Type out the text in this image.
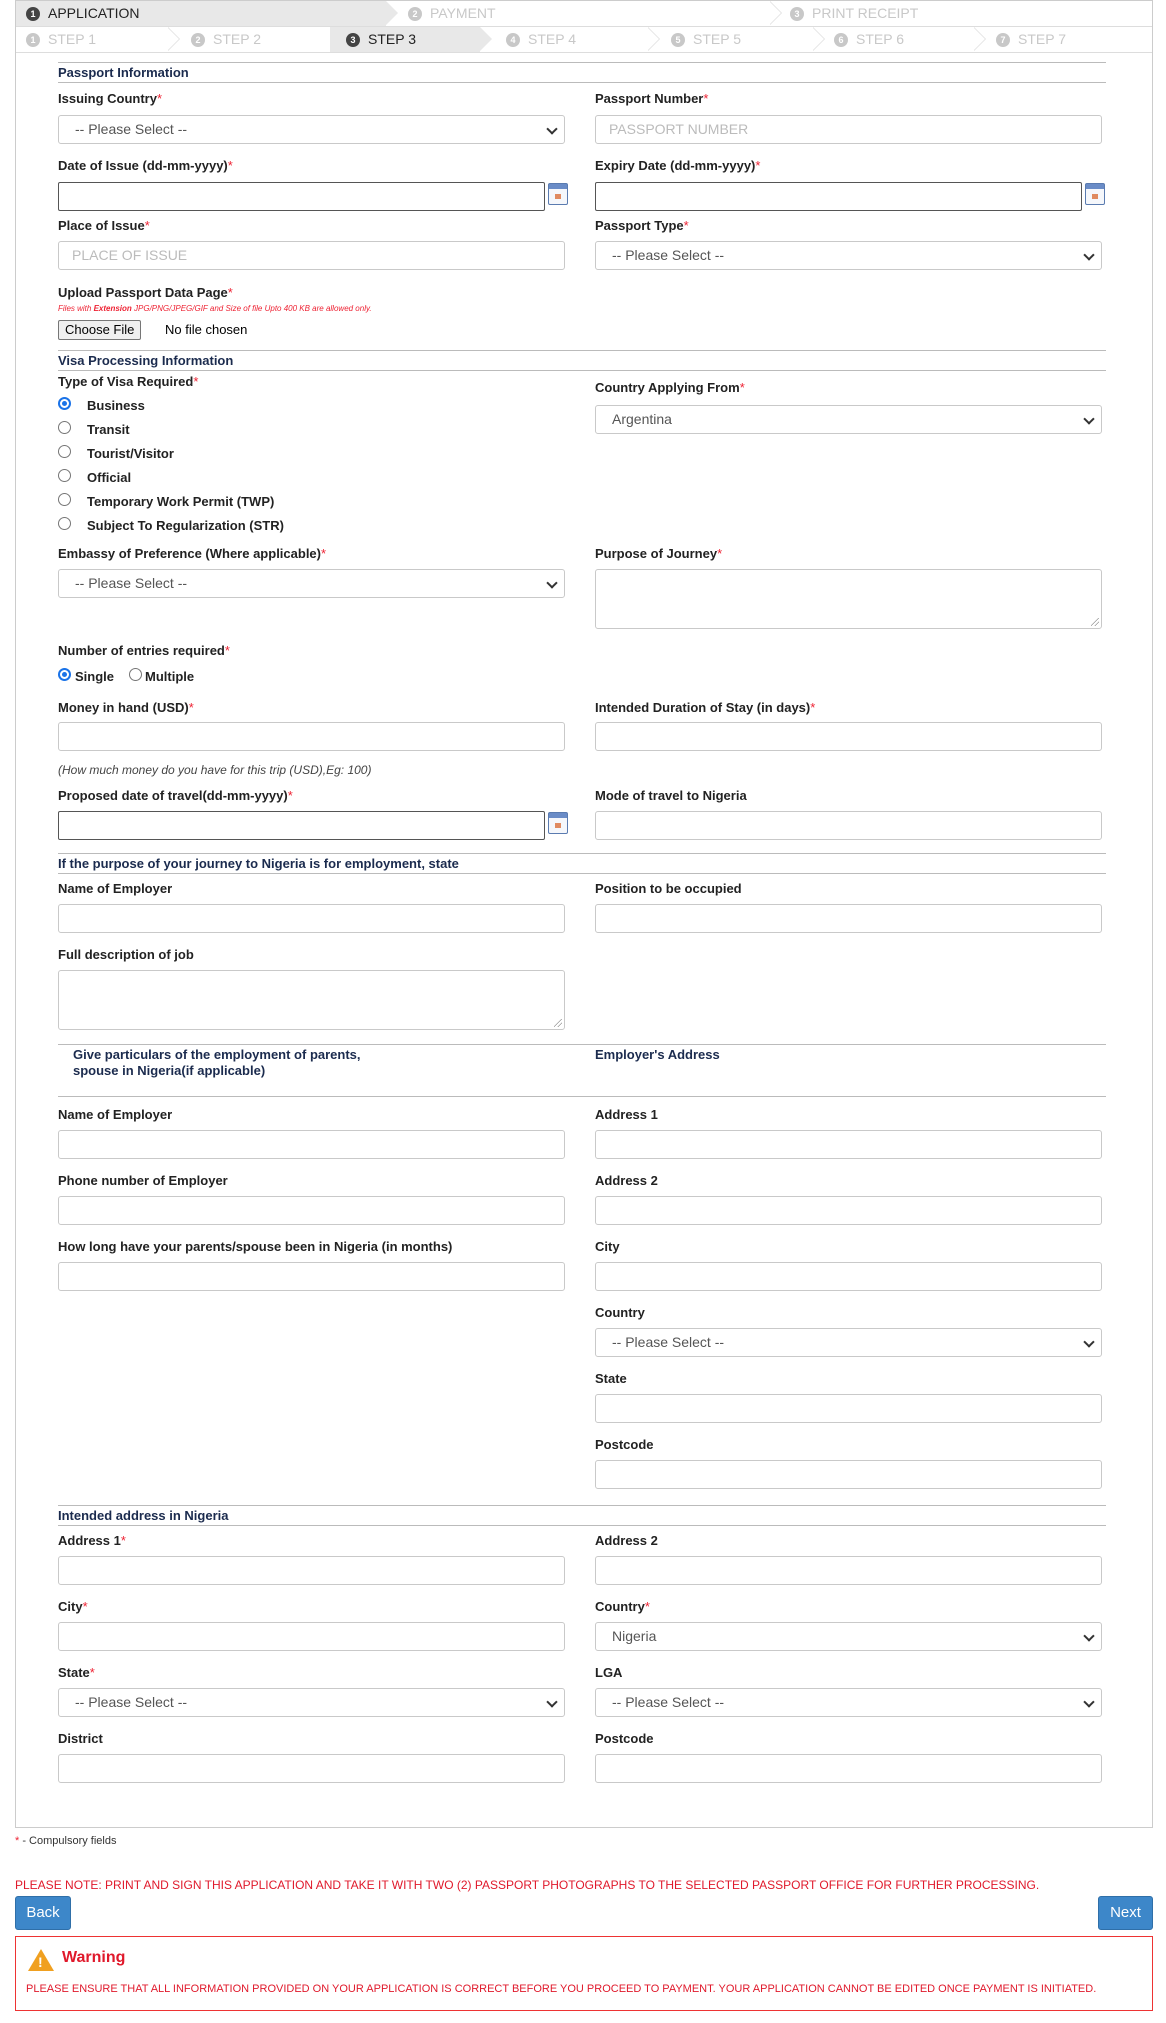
1 APPLICATION	2 PAYMENT	3 PRINT RECEIPT
1 STEP 1	2 STEP 2	3 STEP 3	4 STEP 4	5 STEP 5	6 STEP 6	7 STEP 7
Passport Information
Issuing Country*
-- Please Select --
Passport Number*
PASSPORT NUMBER
Date of Issue (dd-mm-yyyy)*	Expiry Date (dd-mm-yyyy)*
Place of Issue*
PLACE OF ISSUE
Passport Type*
-- Please Select --
Upload Passport Data Page*
Files with Extension JPG/PNG/JPEG/GIF and Size of file Upto 400 KB are allowed only.
Choose File	No file chosen
Visa Processing Information
Type of Visa Required*
Business
Transit
Tourist/Visitor
Official
Temporary Work Permit (TWP)
Subject To Regularization (STR)
Country Applying From*
Argentina
Embassy of Preference (Where applicable)*
-- Please Select --
Purpose of Journey*
Number of entries required*
Single Multiple
Money in hand (USD)*
(How much money do you have for this trip (USD),Eg: 100)
Intended Duration of Stay (in days)*
Proposed date of travel(dd-mm-yyyy)*	Mode of travel to Nigeria
If the purpose of your journey to Nigeria is for employment, state
Name of Employer	Position to be occupied
Full description of job
Give particulars of the employment of parents,
spouse in Nigeria(if applicable)
Employer's Address
Name of Employer
Phone number of Employer
How long have your parents/spouse been in Nigeria (in months)
Address 1
Address 2
City
Country
-- Please Select --
State
Postcode
Intended address in Nigeria
Address 1*	Address 2
City*	Country*
Nigeria
State*
-- Please Select --
LGA
-- Please Select --
District	Postcode
* - Compulsory fields
PLEASE NOTE: PRINT AND SIGN THIS APPLICATION AND TAKE IT WITH TWO (2) PASSPORT PHOTOGRAPHS TO THE SELECTED PASSPORT OFFICE FOR FURTHER PROCESSING.
Back	Next
! Warning
PLEASE ENSURE THAT ALL INFORMATION PROVIDED ON YOUR APPLICATION IS CORRECT BEFORE YOU PROCEED TO PAYMENT. YOUR APPLICATION CANNOT BE EDITED ONCE PAYMENT IS INITIATED.
